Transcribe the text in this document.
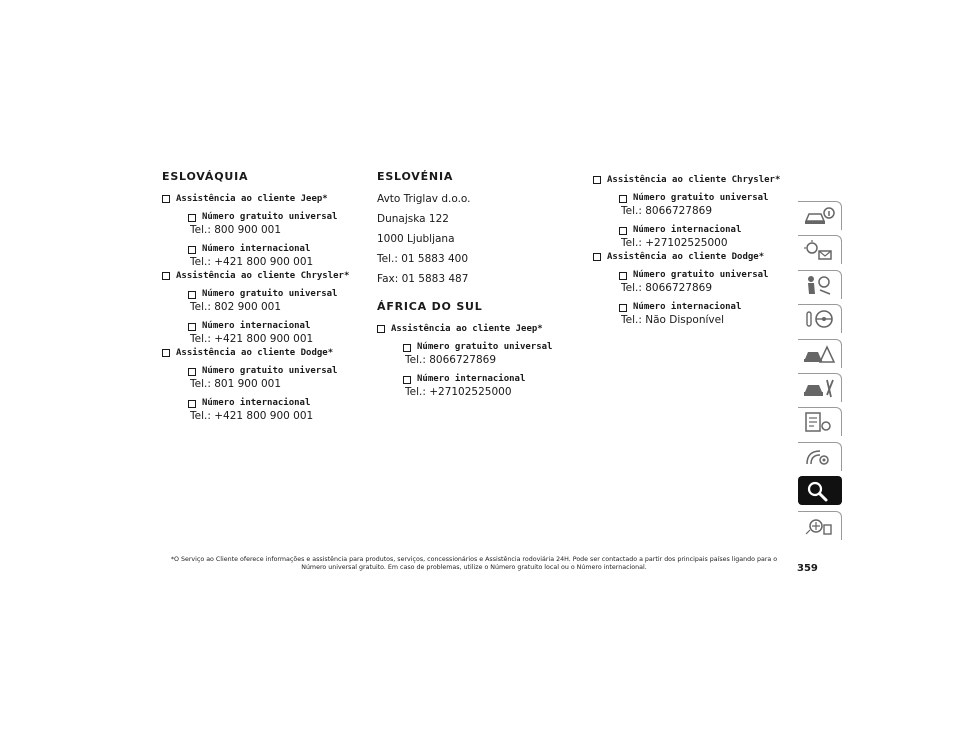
ESLOVÁQUIA
Assistência ao cliente Jeep*
Número gratuito universal
Tel.: 800 900 001
Número internacional
Tel.: +421 800 900 001
Assistência ao cliente Chrysler*
Número gratuito universal
Tel.: 802 900 001
Número internacional
Tel.: +421 800 900 001
Assistência ao cliente Dodge*
Número gratuito universal
Tel.: 801 900 001
Número internacional
Tel.: +421 800 900 001
ESLOVÉNIA
Avto Triglav d.o.o.
Dunajska 122
1000 Ljubljana
Tel.: 01 5883 400
Fax: 01 5883 487
ÁFRICA DO SUL
Assistência ao cliente Jeep*
Número gratuito universal
Tel.: 8066727869
Número internacional
Tel.: +27102525000
Assistência ao cliente Chrysler*
Número gratuito universal
Tel.: 8066727869
Número internacional
Tel.: +27102525000
Assistência ao cliente Dodge*
Número gratuito universal
Tel.: 8066727869
Número internacional
Tel.: Não Disponível
*O Serviço ao Cliente oferece informações e assistência para produtos, serviços, concessionários e Assistência rodoviária 24H. Pode ser contactado a partir dos principais países ligando para o Número universal gratuito. Em caso de problemas, utilize o Número gratuito local ou o Número internacional.	359
